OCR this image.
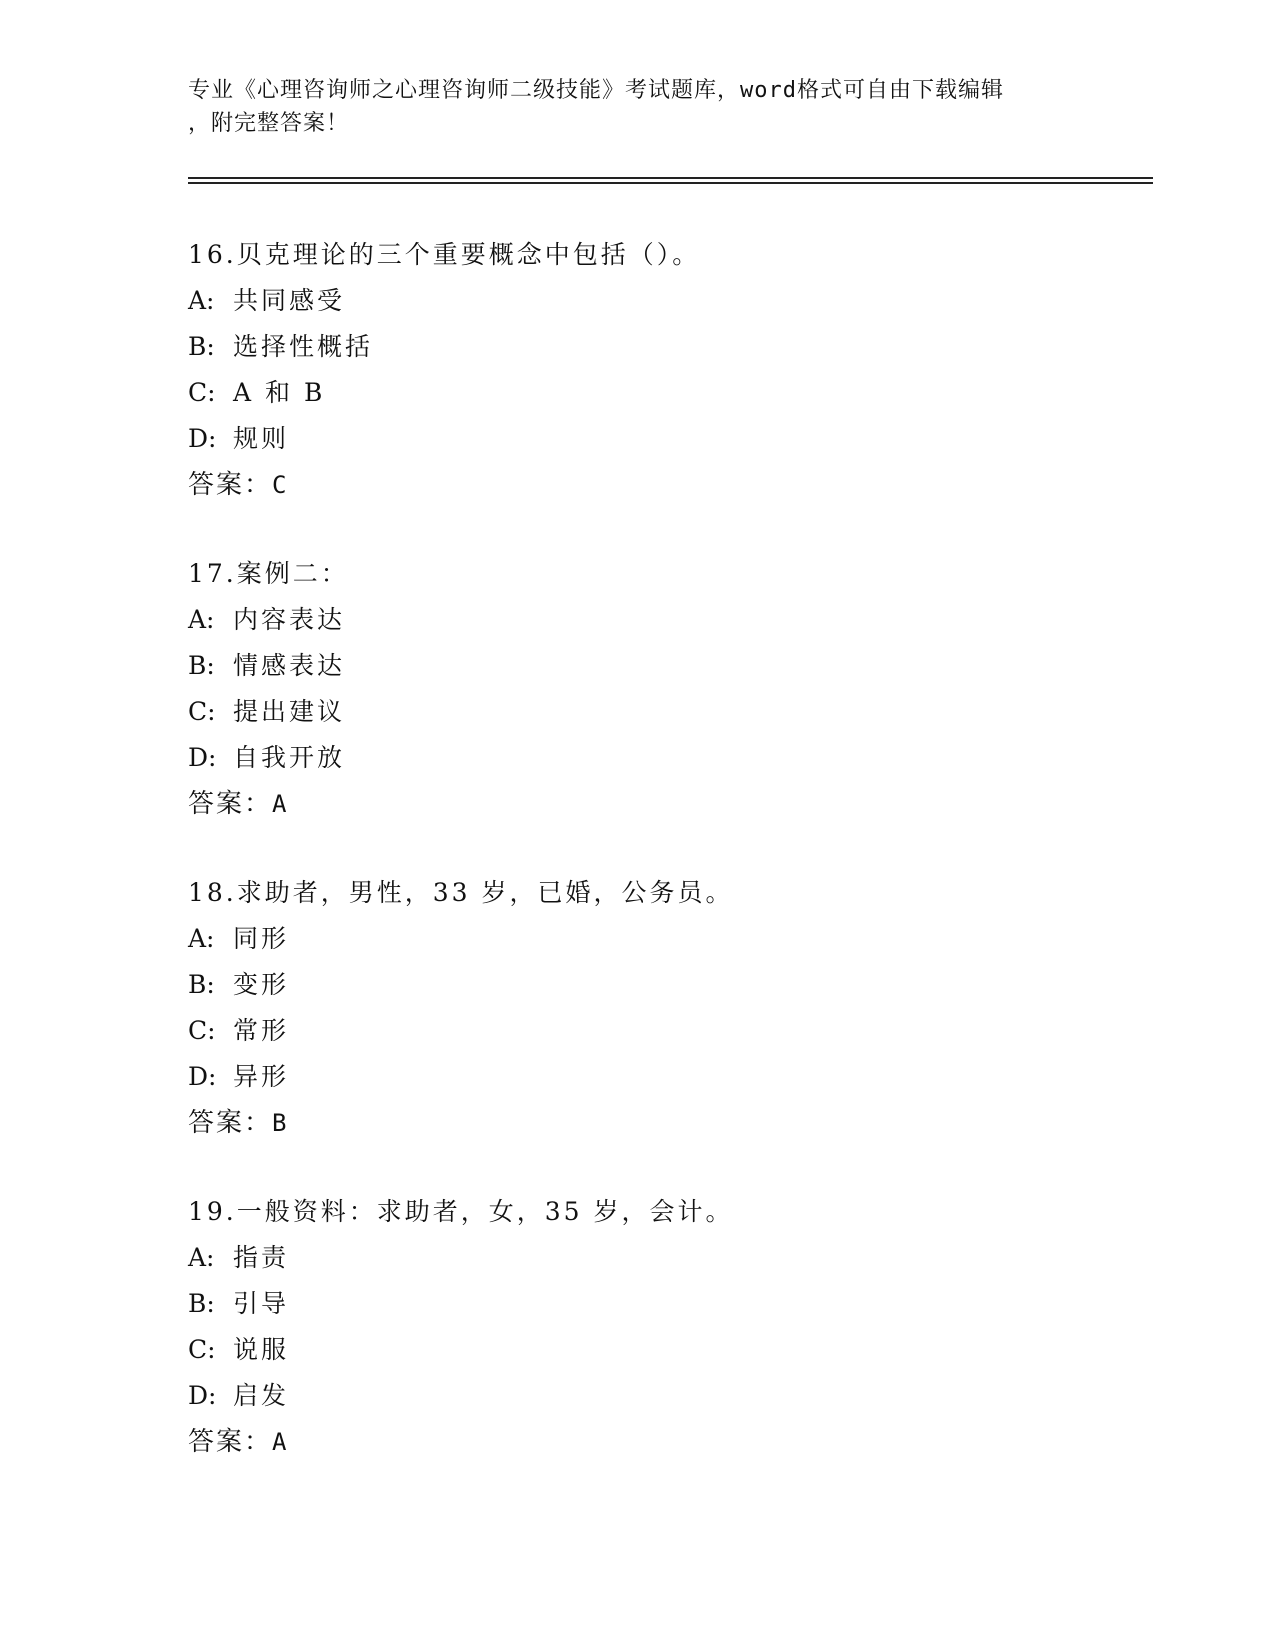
专业《心理咨询师之心理咨询师二级技能》考试题库，word格式可自由下载编辑
，附完整答案！
16.贝克理论的三个重要概念中包括（）。
A: 共同感受
B: 选择性概括
C: A 和 B
D: 规则
答案：C
17.案例二：
A: 内容表达
B: 情感表达
C: 提出建议
D: 自我开放
答案：A
18.求助者，男性，33 岁，已婚，公务员。
A: 同形
B: 变形
C: 常形
D: 异形
答案：B
19.一般资料：求助者，女，35 岁，会计。
A: 指责
B: 引导
C: 说服
D: 启发
答案：A
